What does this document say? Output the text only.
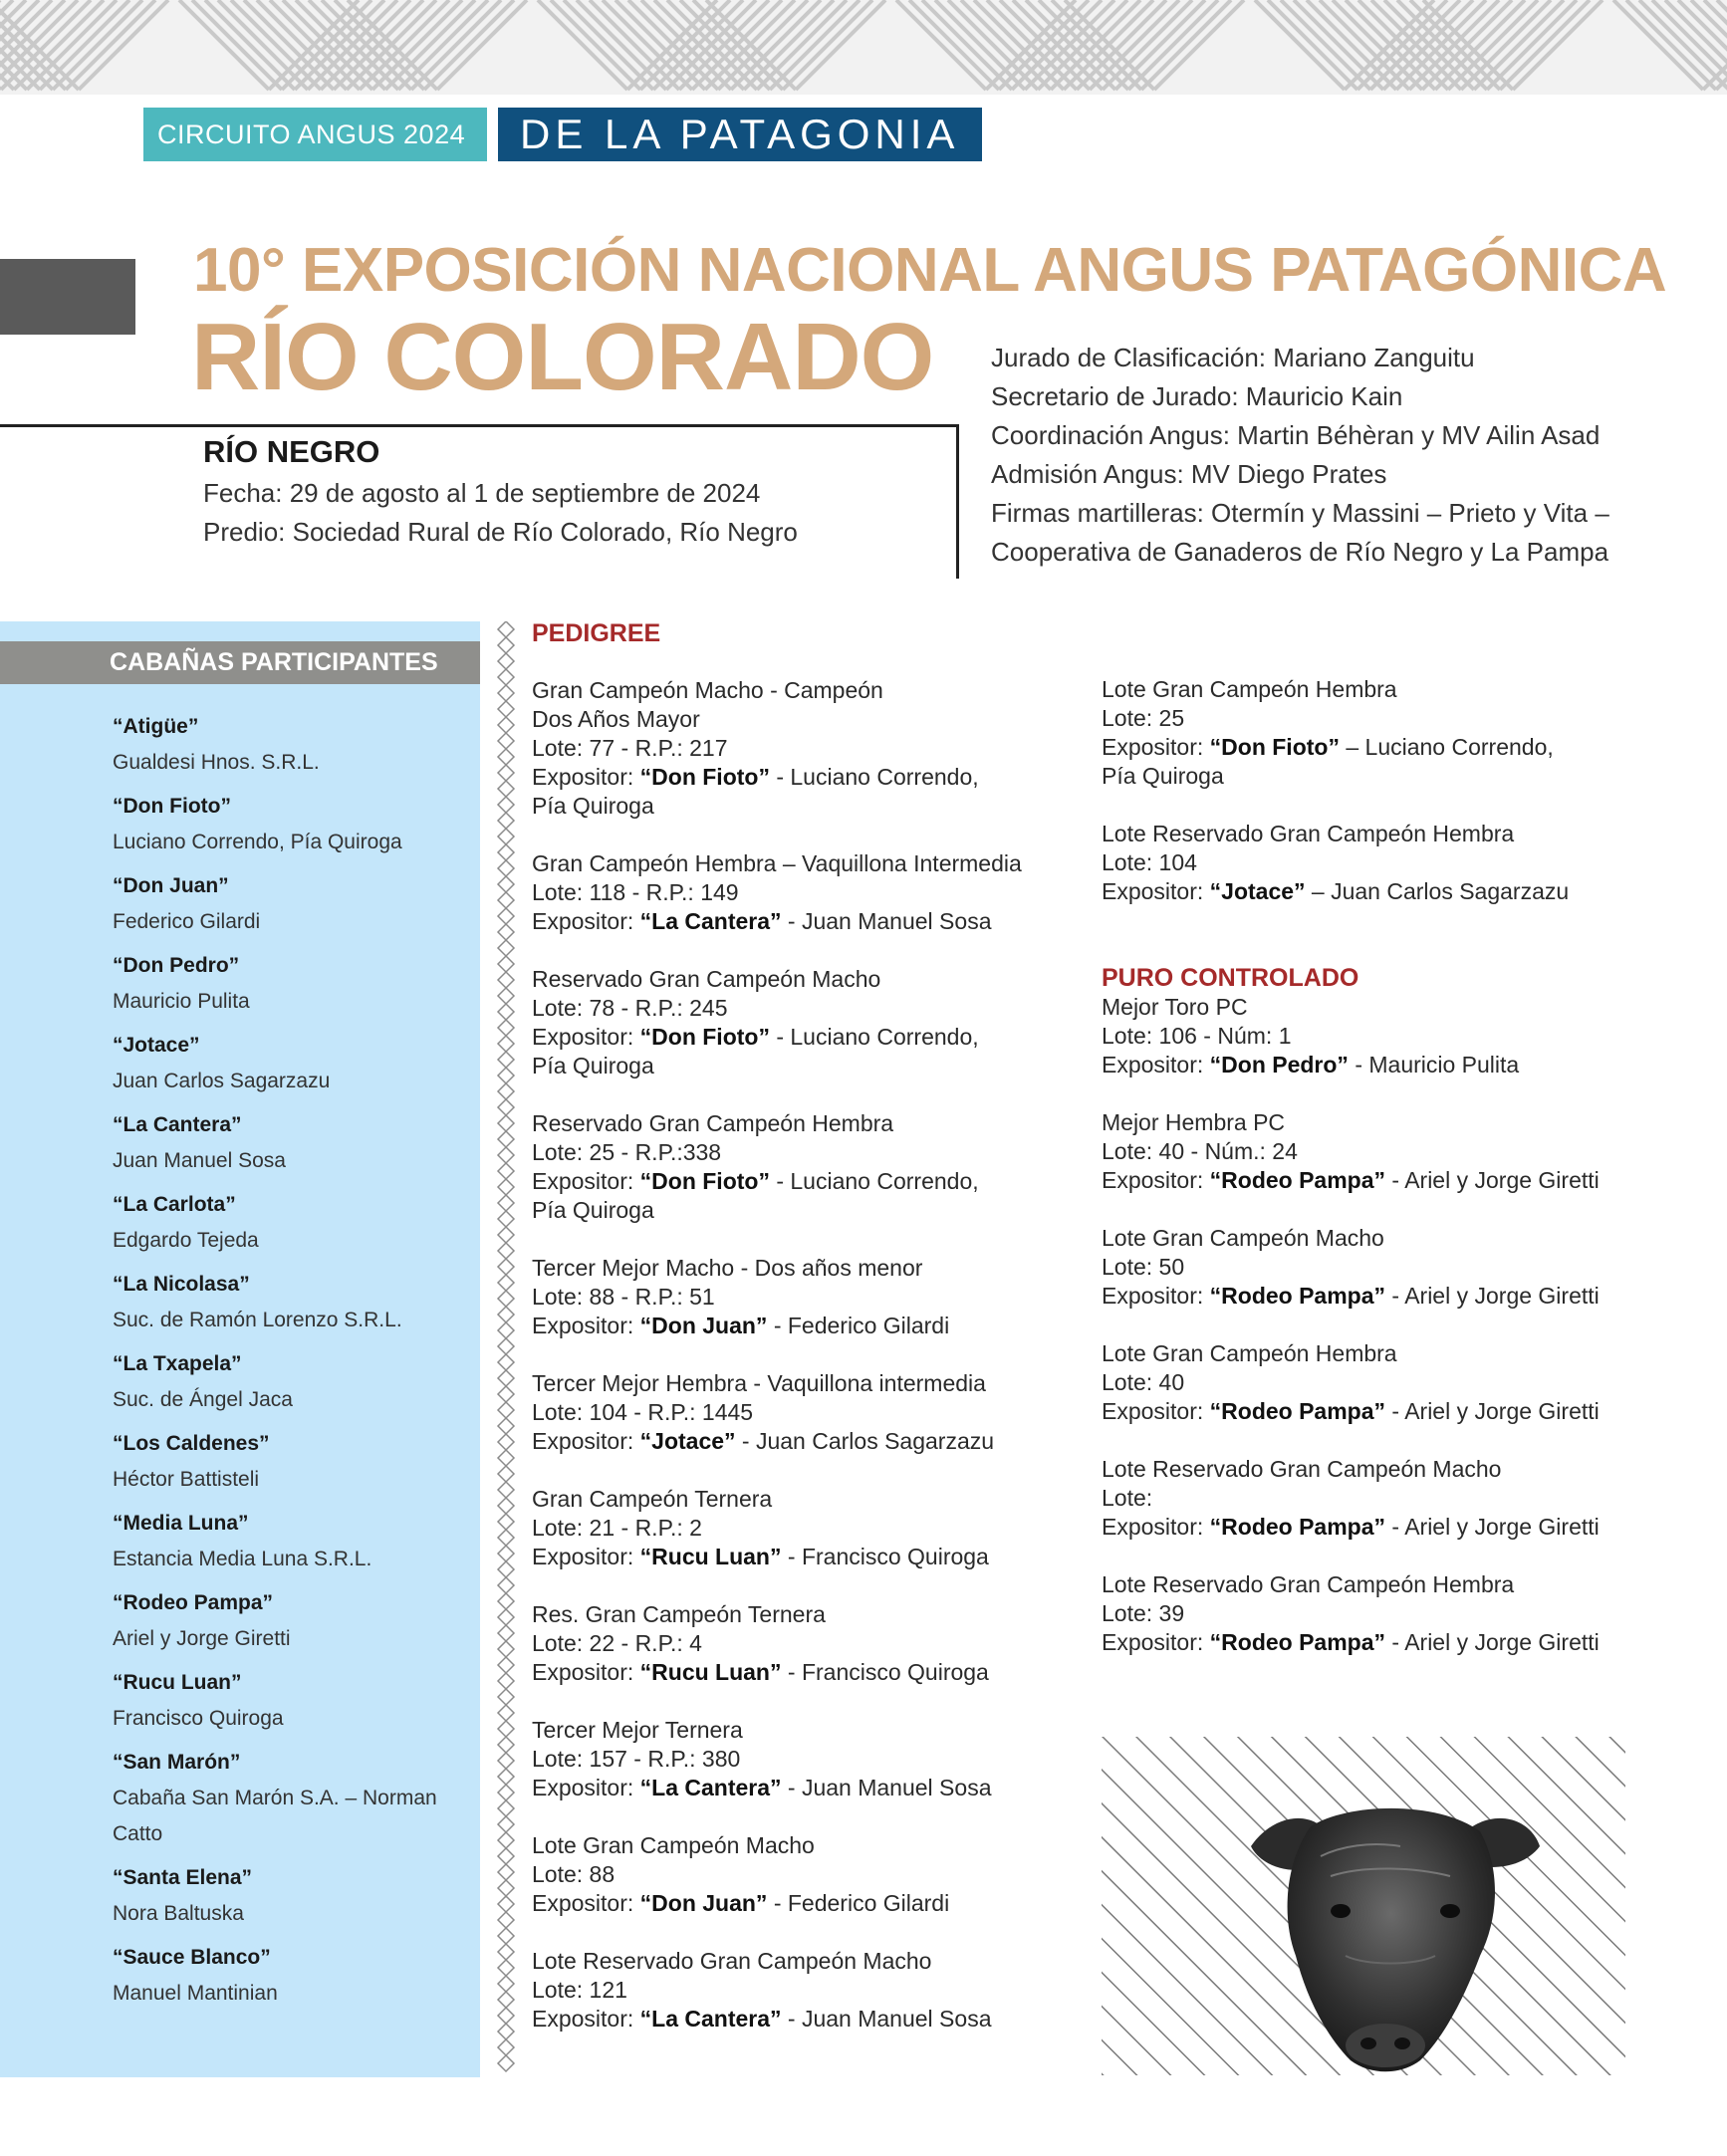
CIRCUITO ANGUS 2024	DE LA PATAGONIA
10° EXPOSICIÓN NACIONAL ANGUS PATAGÓNICA
RÍO COLORADO
RÍO NEGRO
Fecha: 29 de agosto al 1 de septiembre de 2024
Predio: Sociedad Rural de Río Colorado, Río Negro
Jurado de Clasificación: Mariano Zanguitu
Secretario de Jurado: Mauricio Kain
Coordinación Angus: Martin Béhèran y MV Ailin Asad
Admisión Angus: MV Diego Prates
Firmas martilleras: Otermín y Massini – Prieto y Vita –
Cooperativa de Ganaderos de Río Negro y La Pampa
CABAÑAS PARTICIPANTES
“Atigüe”
Gualdesi Hnos. S.R.L.
“Don Fioto”
Luciano Correndo, Pía Quiroga
“Don Juan”
Federico Gilardi
“Don Pedro”
Mauricio Pulita
“Jotace”
Juan Carlos Sagarzazu
“La Cantera”
Juan Manuel Sosa
“La Carlota”
Edgardo Tejeda
“La Nicolasa”
Suc. de Ramón Lorenzo S.R.L.
“La Txapela”
Suc. de Ángel Jaca
“Los Caldenes”
Héctor Battisteli
“Media Luna”
Estancia Media Luna S.R.L.
“Rodeo Pampa”
Ariel y Jorge Giretti
“Rucu Luan”
Francisco Quiroga
“San Marón”
Cabaña San Marón S.A. – Norman Catto
“Santa Elena”
Nora Baltuska
“Sauce Blanco”
Manuel Mantinian
PEDIGREE
Gran Campeón Macho - Campeón
Dos Años Mayor
Lote: 77 - R.P.: 217
Expositor: “Don Fioto” - Luciano Correndo,
Pía Quiroga
Gran Campeón Hembra – Vaquillona Intermedia
Lote: 118 - R.P.: 149
Expositor: “La Cantera” - Juan Manuel Sosa
Reservado Gran Campeón Macho
Lote: 78 - R.P.: 245
Expositor: “Don Fioto” - Luciano Correndo,
Pía Quiroga
Reservado Gran Campeón Hembra
Lote: 25 - R.P.:338
Expositor: “Don Fioto” - Luciano Correndo,
Pía Quiroga
Tercer Mejor Macho - Dos años menor
Lote: 88 - R.P.: 51
Expositor: “Don Juan” - Federico Gilardi
Tercer Mejor Hembra - Vaquillona intermedia
Lote: 104 - R.P.: 1445
Expositor: “Jotace” - Juan Carlos Sagarzazu
Gran Campeón Ternera
Lote: 21 - R.P.: 2
Expositor: “Rucu Luan” - Francisco Quiroga
Res. Gran Campeón Ternera
Lote: 22 - R.P.: 4
Expositor: “Rucu Luan” - Francisco Quiroga
Tercer Mejor Ternera
Lote: 157 - R.P.: 380
Expositor: “La Cantera” - Juan Manuel Sosa
Lote Gran Campeón Macho
Lote: 88
Expositor: “Don Juan” - Federico Gilardi
Lote Reservado Gran Campeón Macho
Lote: 121
Expositor: “La Cantera” - Juan Manuel Sosa
Lote Gran Campeón Hembra
Lote: 25
Expositor: “Don Fioto” – Luciano Correndo,
Pía Quiroga
Lote Reservado Gran Campeón Hembra
Lote: 104
Expositor: “Jotace” – Juan Carlos Sagarzazu
PURO CONTROLADO
Mejor Toro PC
Lote: 106 - Núm: 1
Expositor: “Don Pedro” - Mauricio Pulita
Mejor Hembra PC
Lote: 40 - Núm.: 24
Expositor: “Rodeo Pampa” - Ariel y Jorge Giretti
Lote Gran Campeón Macho
Lote: 50
Expositor: “Rodeo Pampa” - Ariel y Jorge Giretti
Lote Gran Campeón Hembra
Lote: 40
Expositor: “Rodeo Pampa” - Ariel y Jorge Giretti
Lote Reservado Gran Campeón Macho
Lote:
Expositor: “Rodeo Pampa” - Ariel y Jorge Giretti
Lote Reservado Gran Campeón Hembra
Lote: 39
Expositor: “Rodeo Pampa” - Ariel y Jorge Giretti
